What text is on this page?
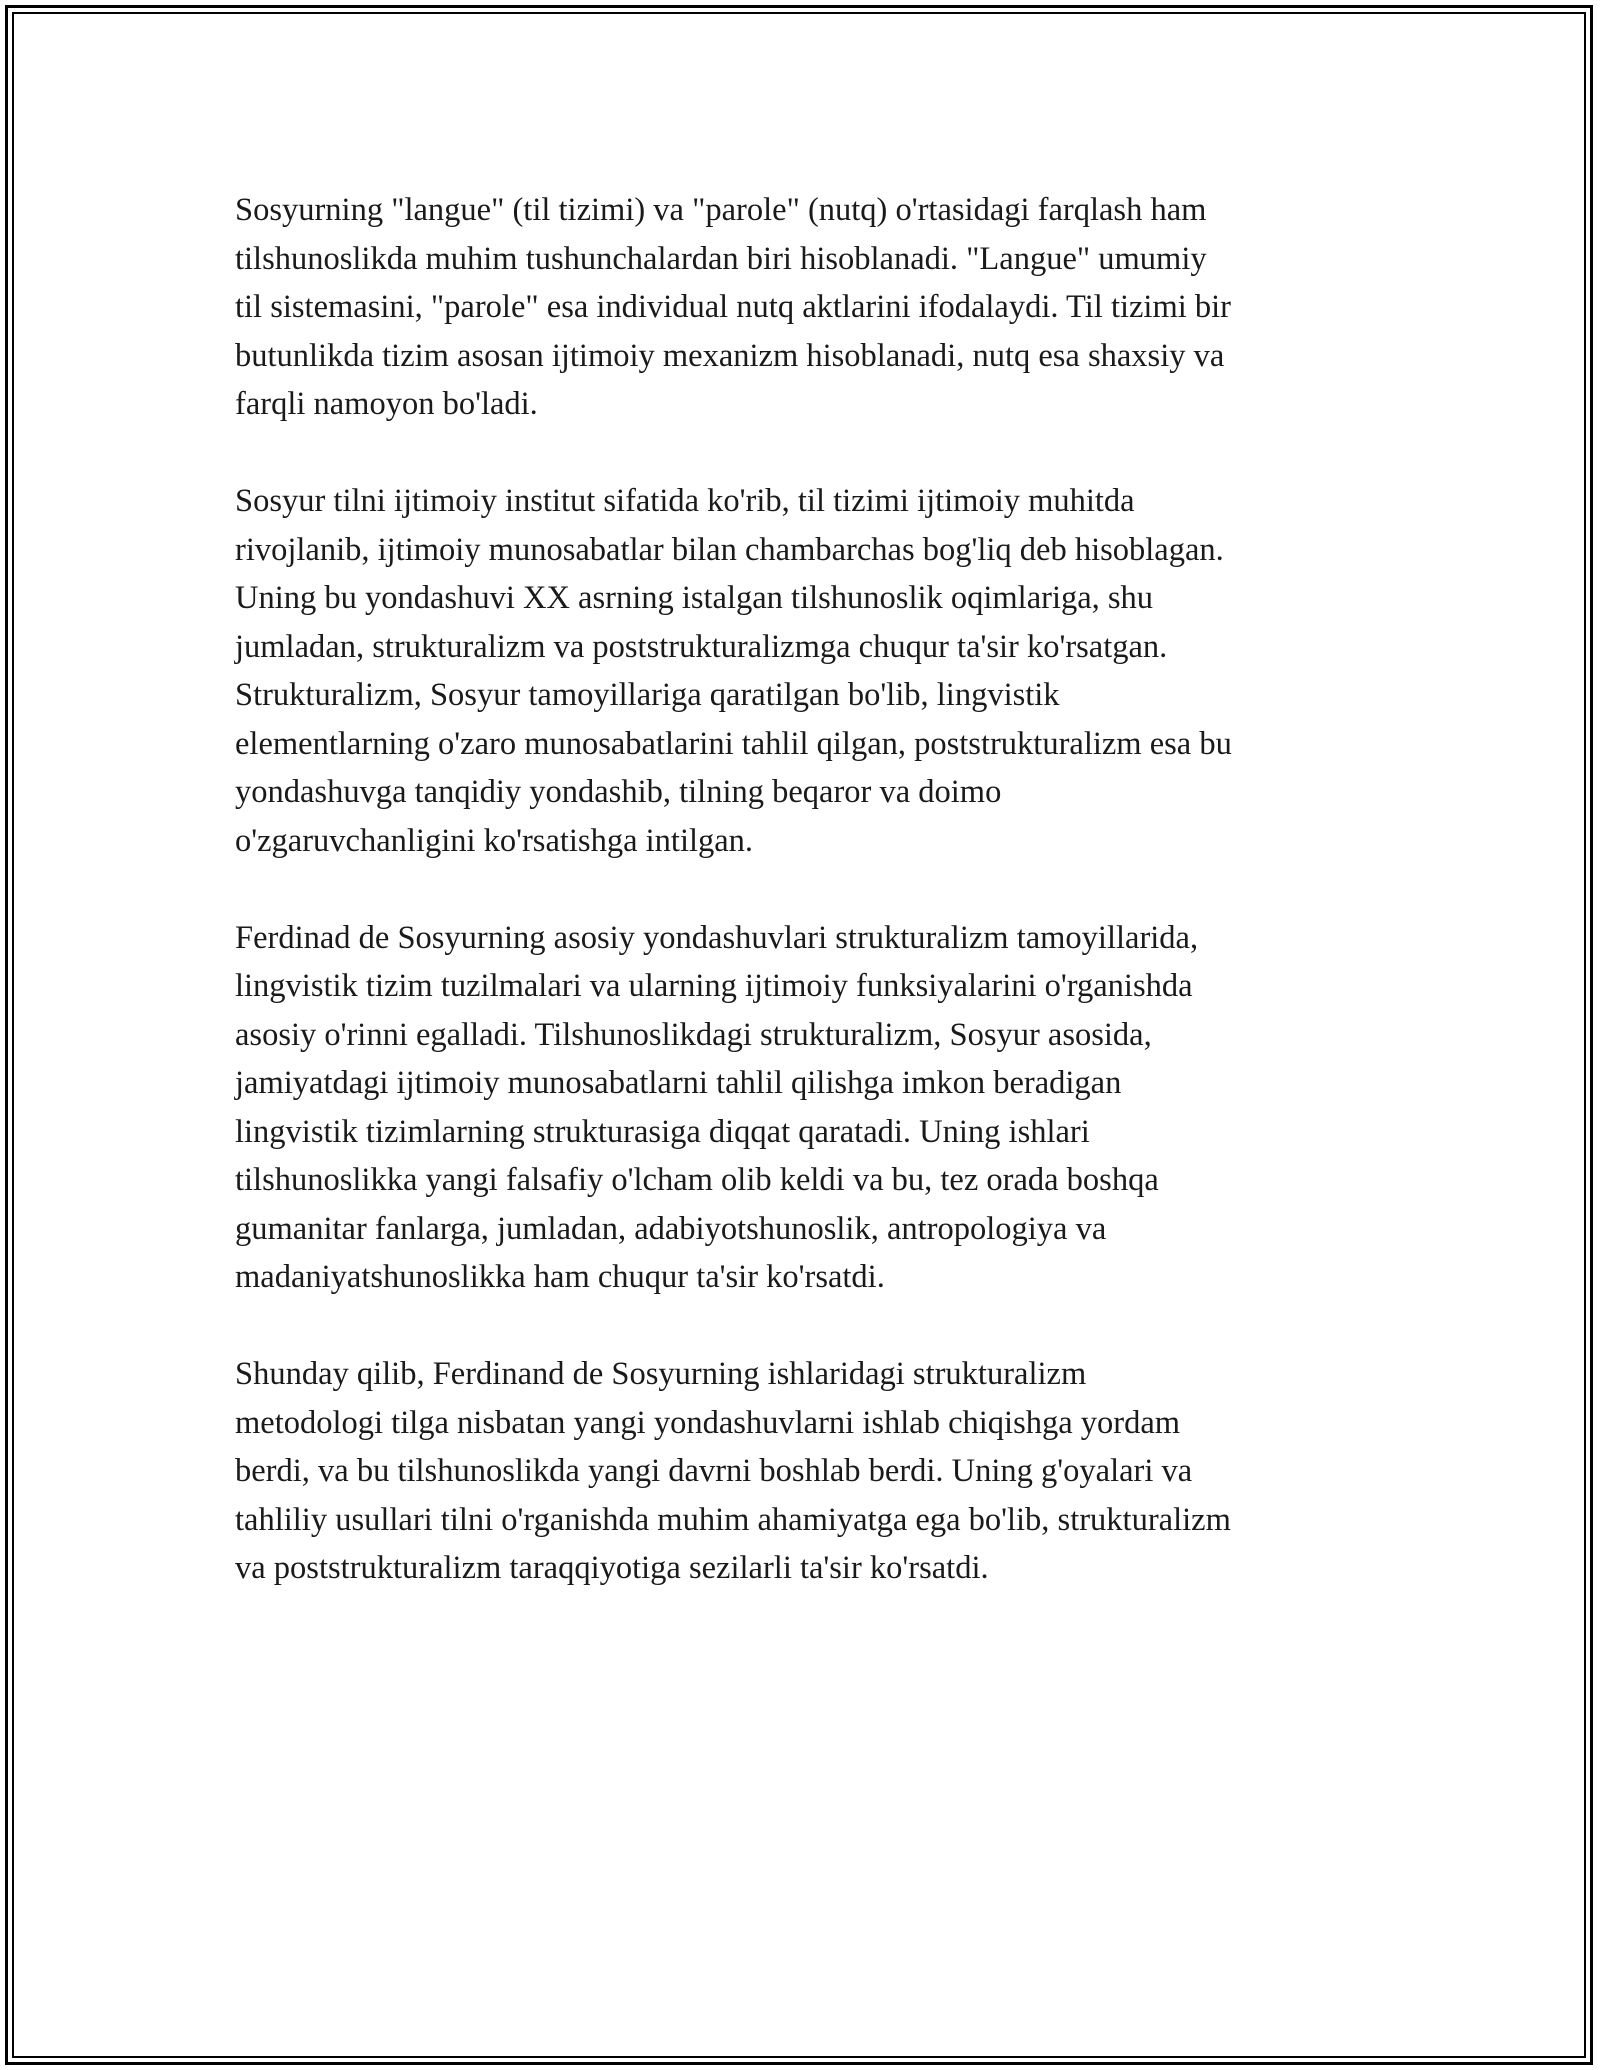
Sosyurning "langue" (til tizimi) va "parole" (nutq) o'rtasidagi farqlash ham
tilshunoslikda muhim tushunchalardan biri hisoblanadi. "Langue" umumiy
til sistemasini, "parole" esa individual nutq aktlarini ifodalaydi. Til tizimi bir
butunlikda tizim asosan ijtimoiy mexanizm hisoblanadi, nutq esa shaxsiy va
farqli namoyon bo'ladi.

Sosyur tilni ijtimoiy institut sifatida ko'rib, til tizimi ijtimoiy muhitda
rivojlanib, ijtimoiy munosabatlar bilan chambarchas bog'liq deb hisoblagan.
Uning bu yondashuvi XX asrning istalgan tilshunoslik oqimlariga, shu
jumladan, strukturalizm va poststrukturalizmga chuqur ta'sir ko'rsatgan.
Strukturalizm, Sosyur tamoyillariga qaratilgan bo'lib, lingvistik
elementlarning o'zaro munosabatlarini tahlil qilgan, poststrukturalizm esa bu
yondashuvga tanqidiy yondashib, tilning beqaror va doimo
o'zgaruvchanligini ko'rsatishga intilgan.

Ferdinad de Sosyurning asosiy yondashuvlari strukturalizm tamoyillarida,
lingvistik tizim tuzilmalari va ularning ijtimoiy funksiyalarini o'rganishda
asosiy o'rinni egalladi. Tilshunoslikdagi strukturalizm, Sosyur asosida,
jamiyatdagi ijtimoiy munosabatlarni tahlil qilishga imkon beradigan
lingvistik tizimlarning strukturasiga diqqat qaratadi. Uning ishlari
tilshunoslikka yangi falsafiy o'lcham olib keldi va bu, tez orada boshqa
gumanitar fanlarga, jumladan, adabiyotshunoslik, antropologiya va
madaniyatshunoslikka ham chuqur ta'sir ko'rsatdi.

Shunday qilib, Ferdinand de Sosyurning ishlaridagi strukturalizm
metodologi tilga nisbatan yangi yondashuvlarni ishlab chiqishga yordam
berdi, va bu tilshunoslikda yangi davrni boshlab berdi. Uning g'oyalari va
tahliliy usullari tilni o'rganishda muhim ahamiyatga ega bo'lib, strukturalizm
va poststrukturalizm taraqqiyotiga sezilarli ta'sir ko'rsatdi.
